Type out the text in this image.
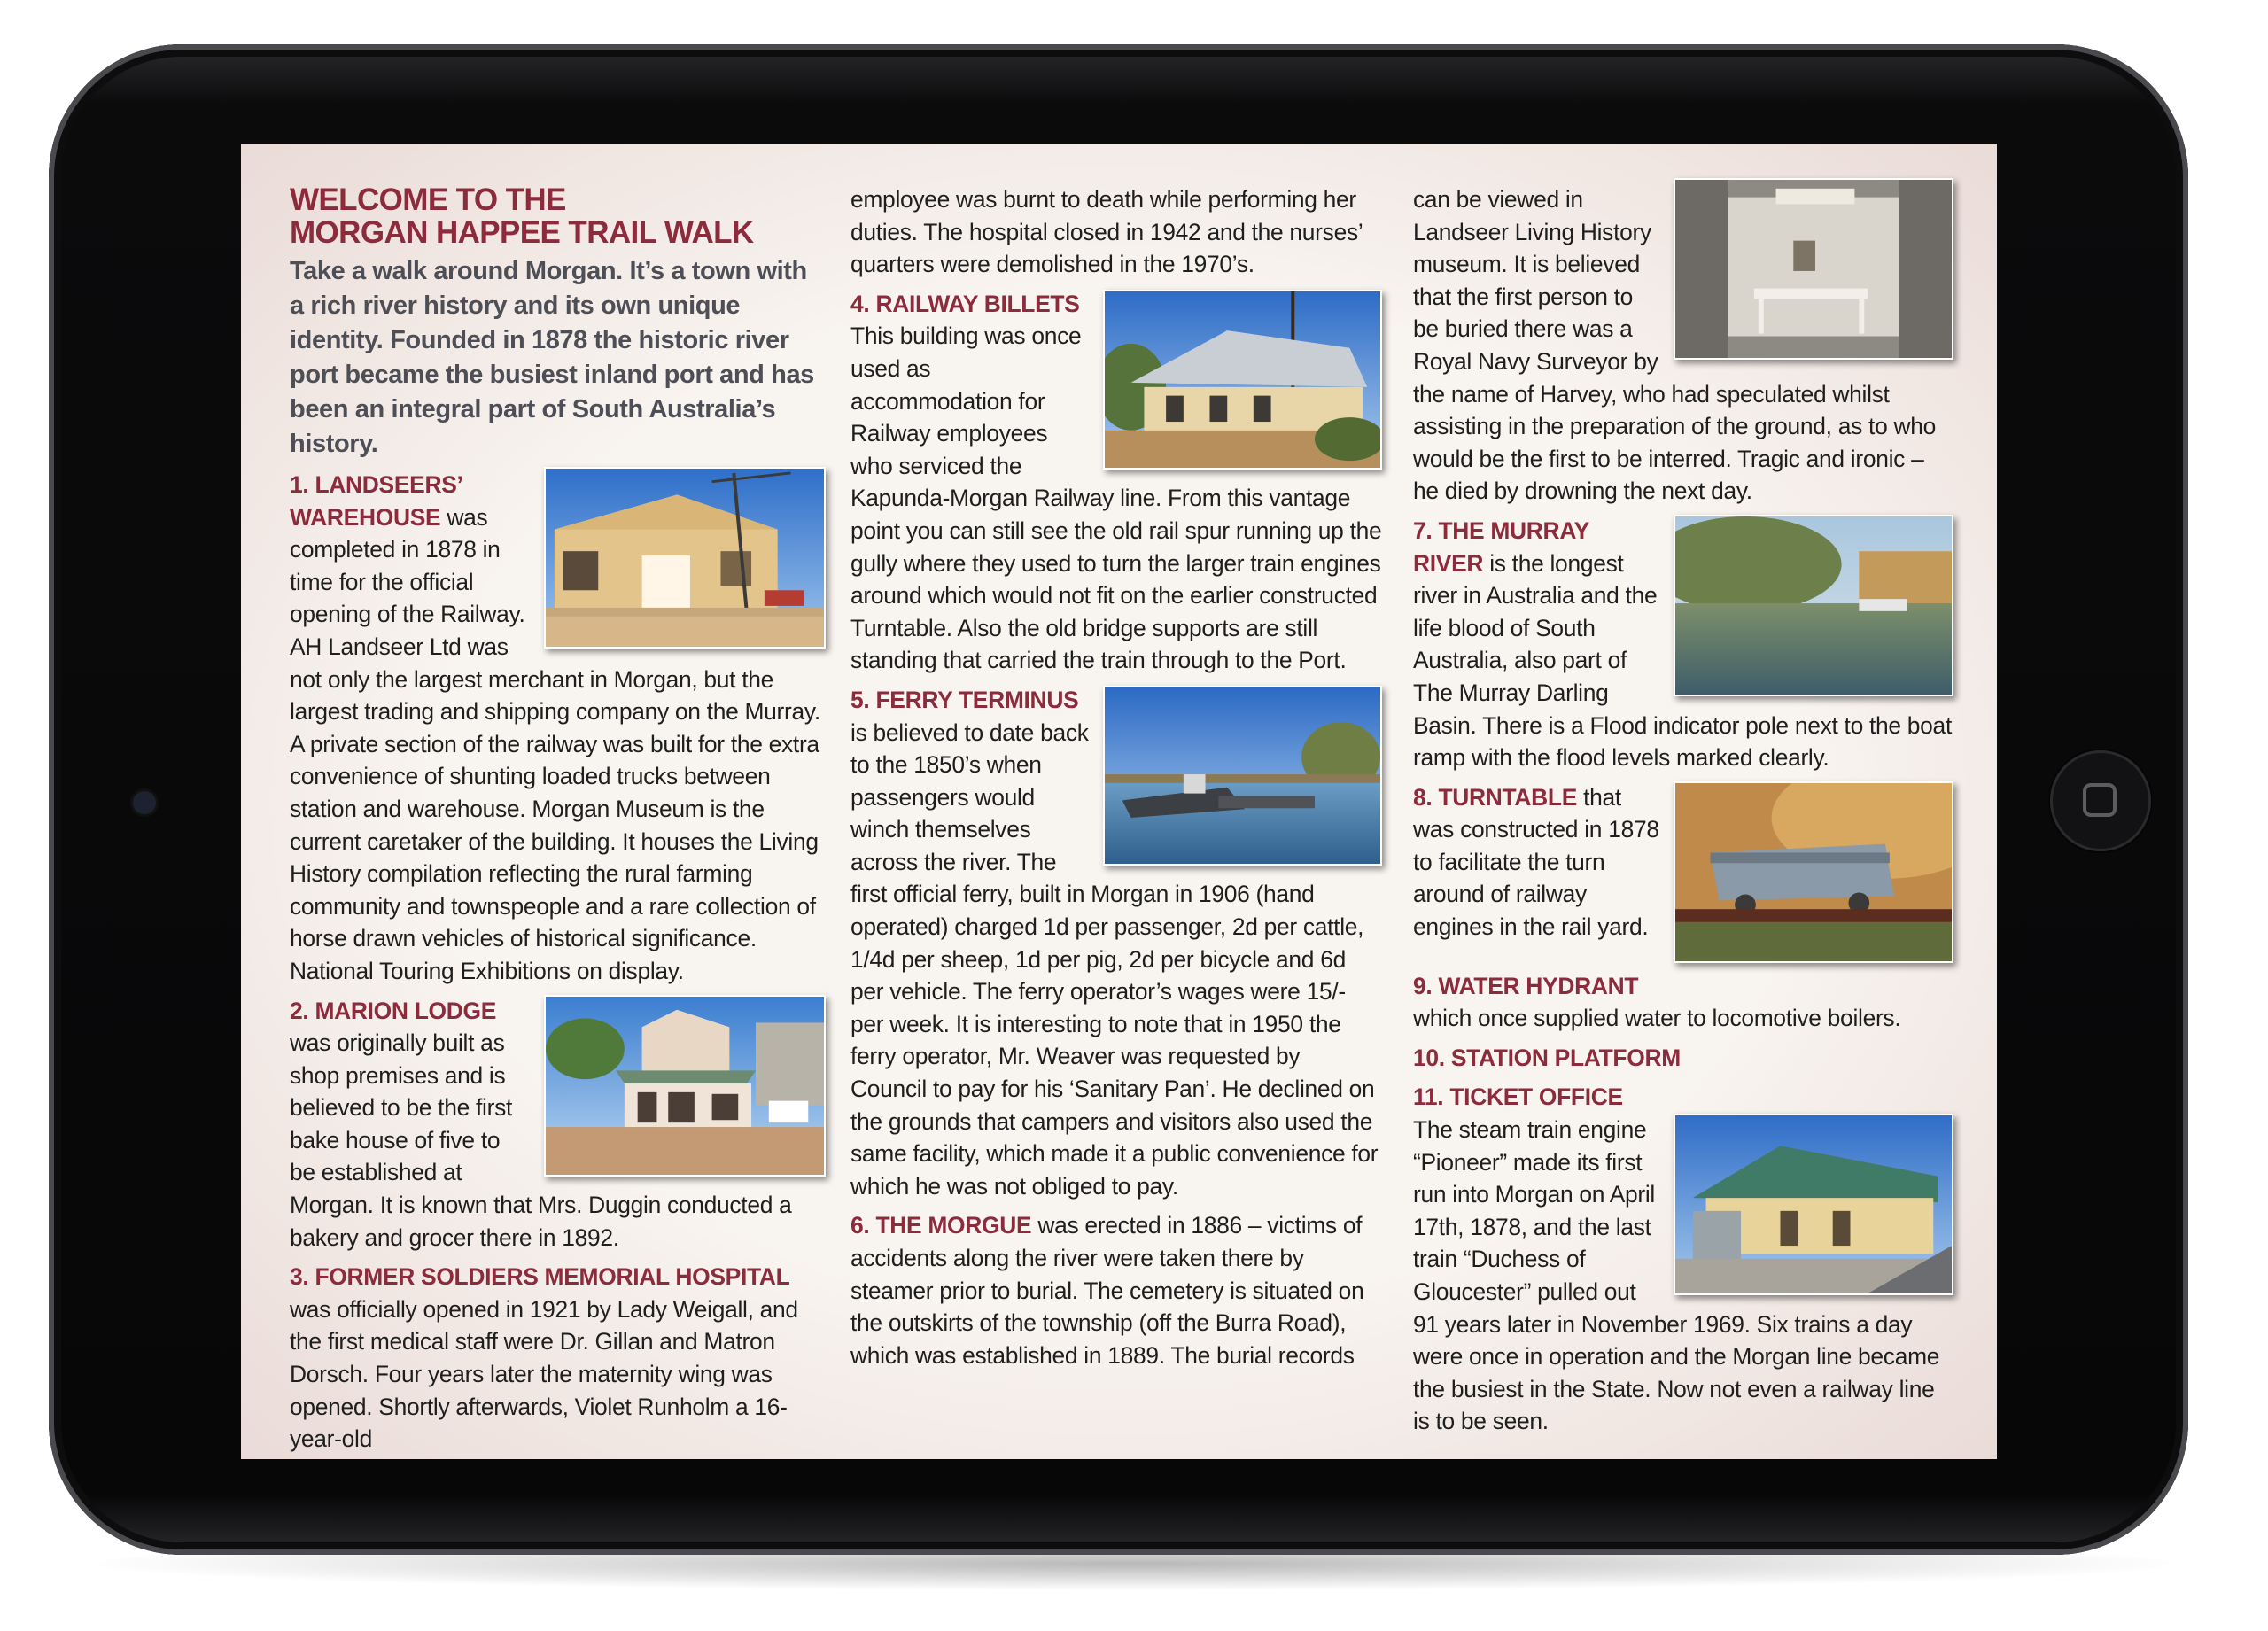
WELCOME TO THE
MORGAN HAPPEE TRAIL WALK

Take a walk around Morgan. It’s a town with a rich river history and its own unique identity. Founded in 1878 the historic river port became the busiest inland port and has been an integral part of South Australia’s history.

1. LANDSEERS’ WAREHOUSE was completed in 1878 in time for the official opening of the Railway. AH Landseer Ltd was not only the largest merchant in Morgan, but the largest trading and shipping company on the Murray. A private section of the railway was built for the extra convenience of shunting loaded trucks between station and warehouse. Morgan Museum is the current caretaker of the building. It houses the Living History compilation reflecting the rural farming community and townspeople and a rare collection of horse drawn vehicles of historical significance. National Touring Exhibitions on display.

2. MARION LODGE was originally built as shop premises and is believed to be the first bake house of five to be established at Morgan. It is known that Mrs. Duggin conducted a bakery and grocer there in 1892.

3. FORMER SOLDIERS MEMORIAL HOSPITAL was officially opened in 1921 by Lady Weigall, and the first medical staff were Dr. Gillan and Matron Dorsch. Four years later the maternity wing was opened. Shortly afterwards, Violet Runholm a 16-year-old

employee was burnt to death while performing her duties. The hospital closed in 1942 and the nurses’ quarters were demolished in the 1970’s.

4. RAILWAY BILLETS This building was once used as accommodation for Railway employees who serviced the Kapunda-Morgan Railway line. From this vantage point you can still see the old rail spur running up the gully where they used to turn the larger train engines around which would not fit on the earlier constructed Turntable. Also the old bridge supports are still standing that carried the train through to the Port.

5. FERRY TERMINUS is believed to date back to the 1850’s when passengers would winch themselves across the river. The first official ferry, built in Morgan in 1906 (hand operated) charged 1d per passenger, 2d per cattle, 1/4d per sheep, 1d per pig, 2d per bicycle and 6d per vehicle. The ferry operator’s wages were 15/- per week. It is interesting to note that in 1950 the ferry operator, Mr. Weaver was requested by Council to pay for his ‘Sanitary Pan’. He declined on the grounds that campers and visitors also used the same facility, which made it a public convenience for which he was not obliged to pay.

6. THE MORGUE was erected in 1886 – victims of accidents along the river were taken there by steamer prior to burial. The cemetery is situated on the outskirts of the township (off the Burra Road), which was established in 1889. The burial records

can be viewed in Landseer Living History museum. It is believed that the first person to be buried there was a Royal Navy Surveyor by the name of Harvey, who had speculated whilst assisting in the preparation of the ground, as to who would be the first to be interred. Tragic and ironic – he died by drowning the next day.

7. THE MURRAY RIVER is the longest river in Australia and the life blood of South Australia, also part of The Murray Darling Basin. There is a Flood indicator pole next to the boat ramp with the flood levels marked clearly.

8. TURNTABLE that was constructed in 1878 to facilitate the turn around of railway engines in the rail yard.

9. WATER HYDRANT
which once supplied water to locomotive boilers.

10. STATION PLATFORM

11. TICKET OFFICE

The steam train engine “Pioneer” made its first run into Morgan on April 17th, 1878, and the last train “Duchess of Gloucester” pulled out 91 years later in November 1969. Six trains a day were once in operation and the Morgan line became the busiest in the State. Now not even a railway line is to be seen.
